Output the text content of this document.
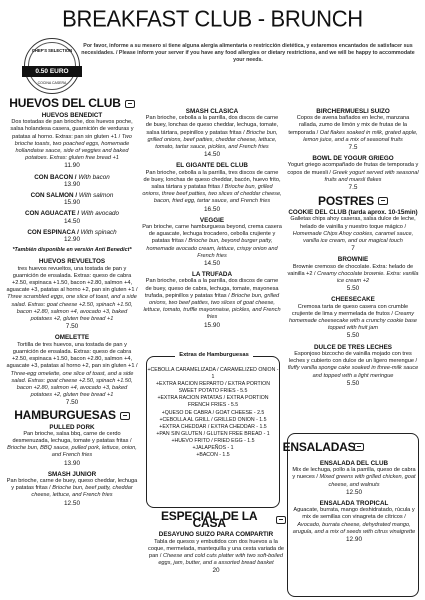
BREAKFAST CLUB - BRUNCH
CHEF'S SELECTION
0.50 EURO
COCINA CASERA
Por favor, informe a su mesero si tiene alguna alergia alimentaria o restricción dietética, y estaremos encantados de satisfacer sus necesidades. / Please inform your server if you have any food allergies or dietary restrictions, and we will be happy to accommodate your needs.
HUEVOS DEL CLUB
HUEVOS BENEDICT
Dos tostadas de pan brioche, dos huevos poche, salsa holandesa casera, guarnición de verduras y patatas al horno. Extras: pan sin gluten +1 / Two brioche toasts, two poached eggs, homemade hollandaise sauce, side of veggies and baked potatoes. Extras: gluten free bread +1
11.90
CON BACON / With bacon
13.90
CON SALMON / With salmon
15.90
CON AGUACATE / With avocado
14.50
CON ESPINACA / With spinach
12.90
*También disponible en versión Anti Benedict*
HUEVOS REVUELTOS
tres huevos revueltos, una tostada de pan y guarnición de ensalada. Extras: queso de cabra +2.50, espinaca +1.50, bacon +2.80, salmon +4, aguacate +3, patatas al horno +2, pan sin gluten +1 / Three scrambled eggs, one slice of toast, and a side salad. Extras: goat cheese +2.50, spinach +1.50, bacon +2.80, salmon +4, avocado +3, baked potatoes +2, gluten free bread +1
7.50
OMELETTE
Tortilla de tres huevos, una tostada de pan y guarnición de ensalada. Extras: queso de cabra +2.50, espinaca +1.50, bacon +2.80, salmon +4, aguacate +3, patatas al horno +2, pan sin gluten +1 / Three-egg omelette, one slice of toast, and a side salad. Extras: goat cheese +2.50, spinach +1.50, bacon +2.80, salmon +4, avocado +3, baked potatoes +2, gluten free bread +1
7.50
HAMBURGUESAS
PULLED PORK
Pan brioche, salsa bbq, carne de cerdo desmenuzada, lechuga, tomate y patatas fritas / Brioche bun, BBQ sauce, pulled pork, lettuce, onion, and French fries
13.90
SMASH JUNIOR
Pan brioche, carne de buey, queso cheddar, lechuga y patatas fritas / Brioche bun, beef patty, cheddar cheese, lettuce, and French fries
12.50
SMASH CLASICA
Pan brioche, cebolla a la parrilla, dos discos de carne de buey, lonchas de queso cheddar, lechuga, tomate, salsa tártara, pepinillos y patatas fritas / Brioche bun, grilled onions, beef patties, cheddar cheese, lettuce, tomato, tartar sauce, pickles, and French fries
14.50
EL GIGANTE DEL CLUB
Pan brioche, cebolla a la parrilla, tres discos de carne de buey, lonchas de queso cheddar, bacón, huevo frito, salsa tártara y patatas fritas / Brioche bun, grilled onions, three beef patties, two slices of cheddar cheese, bacon, fried egg, tartar sauce, and French fries
16.50
VEGGIE
Pan brioche, carne hamburguesa beyond, crema casera de aguacate, lechuga trocadero, cebolla crujiente y patatas fritas / Brioche bun, beyond burger patty, homemade avocado cream, lettuce, crispy onion and French fries
14.50
LA TRUFADA
Pan brioche, cebolla a la parrilla, dos discos de carne de buey, queso de cabra, lechuga, tomate, mayonesa trufada, pepinillos y patatas fritas / Brioche bun, grilled onions, two beef patties, two slices of goat cheese, lettuce, tomato, truffle mayonnaise, pickles, and French fries
15.90
Extras de Hamburguesas
+CEBOLLA CARAMELIZADA / CARAMELIZED ONION - 1
+EXTRA RACION REPARTO / EXTRA PORTION SWEET POTATO FRIES - 5.5
+EXTRA RACION PATATAS / EXTRA PORTION FRENCH FRIES - 5.5
+QUESO DE CABRA / GOAT CHEESE - 2.5
+CEBOLLA AL GRILL / GRILLED ONION - 1.5
+EXTRA CHEDDAR / EXTRA CHEDDAR - 1.5
+PAN SIN GLUTEN / GLUTEN FREE BREAD - 1
+HUEVO FRITO / FRIED EGG - 1.5
+JALAPEÑOS - 1
+BACON - 1.5
ESPECIAL DE LA CASA
DESAYUNO SUIZO PARA COMPARTIR
Tabla de quesos y embutidos con dos huevos a la coque, mermelada, mantequilla y una cesta variada de pan / Cheese and cold cuts platter with two soft-boiled eggs, jam, butter, and a assorted bread basket
20
BIRCHERMUESLI SUIZO
Copos de avena bañados en leche, manzana rallada, zumo de limón y mix de frutas de la temporada / Oat flakes soaked in milk, grated apple, lemon juice, and a mix of seasonal fruits
7.5
BOWL DE YOGUR GRIEGO
Yogurt griego acompañado de frutas de temporada y copos de muesli / Greek yogurt served with seasonal fruits and muesli flakes
7.5
POSTRES
COOKIE DEL CLUB (tarda aprox. 10-15min)
Galletas chips ahoy caseras, salsa dulce de leche, helado de vainilla y nuestro toque mágico / Homemade Chips Ahoy cookies, caramel sauce, vanilla ice cream, and our magical touch
7
BROWNIE
Brownie cremoso de chocolate. Extra: helado de vainilla +2 / Creamy chocolate brownie. Extra: vanilla ice cream +2
5.50
CHEESECAKE
Cremosa tarta de queso casera con crumble crujiente de lima y mermelada de frutos / Creamy homemade cheesecake with a crunchy cookie base topped with fruit jam
5.50
DULCE DE TRES LECHES
Esponjoso bizcocho de vainilla mojado con tres leches y cubierto con dulce de un ligero merengue / fluffy vanilla sponge cake soaked in three-milk sauce and topped with a light meringue
5.50
ENSALADAS
ENSALADA DEL CLUB
Mix de lechuga, pollo a la parrilla, queso de cabra y nueces / Mixed greens with grilled chicken, goat cheese, and walnuts
12.50
ENSALADA TROPICAL
Aguacate, burrata, mango deshidratado, rúcula y mix de semillas con vinagreta de cítricos / Avocado, burrata cheese, dehydrated mango, arugula, and a mix of seeds with citrus vinaigrette
12.90
